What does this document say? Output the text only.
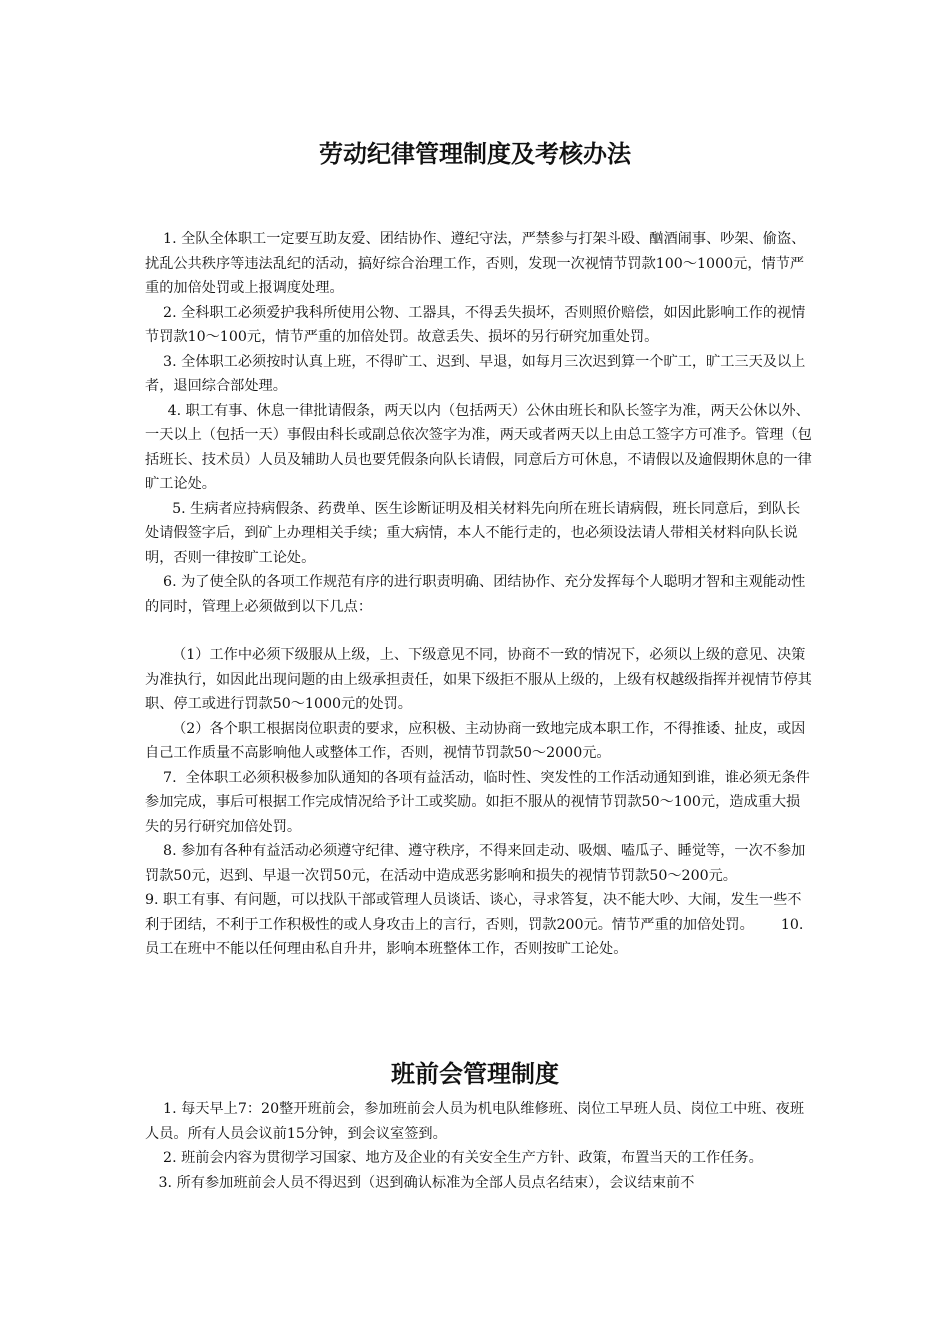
劳动纪律管理制度及考核办法

1. 全队全体职工一定要互助友爱、团结协作、遵纪守法，严禁参与打架斗殴、酗酒闹事、吵架、偷盗、扰乱公共秩序等违法乱纪的活动，搞好综合治理工作，否则，发现一次视情节罚款100～1000元，情节严重的加倍处罚或上报调度处理。

2. 全科职工必须爱护我科所使用公物、工器具，不得丢失损坏，否则照价赔偿，如因此影响工作的视情节罚款10～100元，情节严重的加倍处罚。故意丢失、损坏的另行研究加重处罚。

3. 全体职工必须按时认真上班，不得旷工、迟到、早退，如每月三次迟到算一个旷工，旷工三天及以上者，退回综合部处理。

4. 职工有事、休息一律批请假条，两天以内（包括两天）公休由班长和队长签字为准，两天公休以外、一天以上（包括一天）事假由科长或副总依次签字为准，两天或者两天以上由总工签字方可准予。管理（包括班长、技术员）人员及辅助人员也要凭假条向队长请假，同意后方可休息，不请假以及逾假期休息的一律旷工论处。

5. 生病者应持病假条、药费单、医生诊断证明及相关材料先向所在班长请病假，班长同意后，到队长处请假签字后，到矿上办理相关手续；重大病情，本人不能行走的，也必须设法请人带相关材料向队长说明，否则一律按旷工论处。

6. 为了使全队的各项工作规范有序的进行职责明确、团结协作、充分发挥每个人聪明才智和主观能动性的同时，管理上必须做到以下几点：

（1）工作中必须下级服从上级，上、下级意见不同，协商不一致的情况下，必须以上级的意见、决策为准执行，如因此出现问题的由上级承担责任，如果下级拒不服从上级的，上级有权越级指挥并视情节停其职、停工或进行罚款50～1000元的处罚。

（2）各个职工根据岗位职责的要求，应积极、主动协商一致地完成本职工作，不得推诿、扯皮，或因自己工作质量不高影响他人或整体工作，否则，视情节罚款50～2000元。

7.  全体职工必须积极参加队通知的各项有益活动，临时性、突发性的工作活动通知到谁，谁必须无条件参加完成，事后可根据工作完成情况给予计工或奖励。如拒不服从的视情节罚款50～100元，造成重大损失的另行研究加倍处罚。

8. 参加有各种有益活动必须遵守纪律、遵守秩序，不得来回走动、吸烟、嗑瓜子、睡觉等，一次不参加罚款50元，迟到、早退一次罚50元，在活动中造成恶劣影响和损失的视情节罚款50～200元。

9. 职工有事、有问题，可以找队干部或管理人员谈话、谈心，寻求答复，决不能大吵、大闹，发生一些不利于团结，不利于工作积极性的或人身攻击上的言行，否则，罚款200元。情节严重的加倍处罚。      10.员工在班中不能以任何理由私自升井，影响本班整体工作，否则按旷工论处。

班前会管理制度

1. 每天早上7：20整开班前会，参加班前会人员为机电队维修班、岗位工早班人员、岗位工中班、夜班人员。所有人员会议前15分钟，到会议室签到。

2. 班前会内容为贯彻学习国家、地方及企业的有关安全生产方针、政策，布置当天的工作任务。

3. 所有参加班前会人员不得迟到（迟到确认标准为全部人员点名结束），会议结束前不
